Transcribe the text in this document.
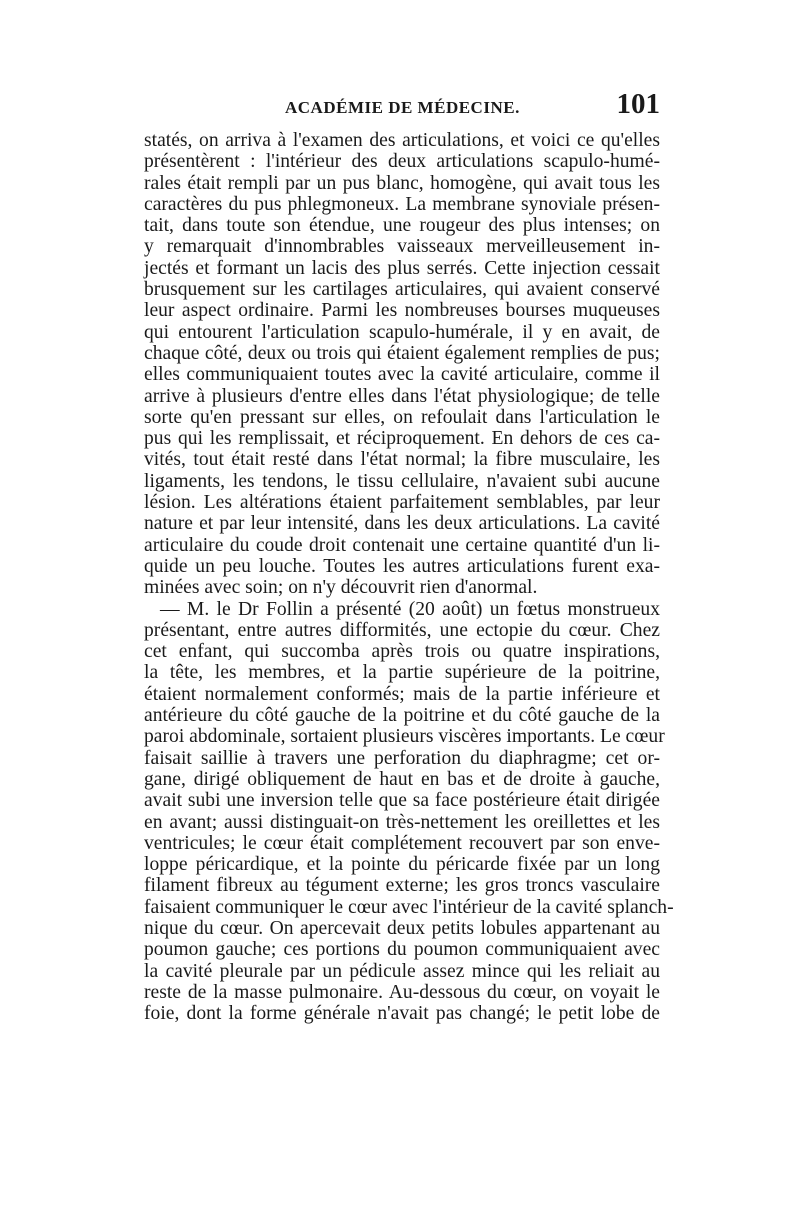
ACADÉMIE DE MÉDECINE.	101
statés, on arriva à l'examen des articulations, et voici ce qu'elles
présentèrent : l'intérieur des deux articulations scapulo-humé-
rales était rempli par un pus blanc, homogène, qui avait tous les
caractères du pus phlegmoneux. La membrane synoviale présen-
tait, dans toute son étendue, une rougeur des plus intenses; on
y remarquait d'innombrables vaisseaux merveilleusement in-
jectés et formant un lacis des plus serrés. Cette injection cessait
brusquement sur les cartilages articulaires, qui avaient conservé
leur aspect ordinaire. Parmi les nombreuses bourses muqueuses
qui entourent l'articulation scapulo-humérale, il y en avait, de
chaque côté, deux ou trois qui étaient également remplies de pus;
elles communiquaient toutes avec la cavité articulaire, comme il
arrive à plusieurs d'entre elles dans l'état physiologique; de telle
sorte qu'en pressant sur elles, on refoulait dans l'articulation le
pus qui les remplissait, et réciproquement. En dehors de ces ca-
vités, tout était resté dans l'état normal; la fibre musculaire, les
ligaments, les tendons, le tissu cellulaire, n'avaient subi aucune
lésion. Les altérations étaient parfaitement semblables, par leur
nature et par leur intensité, dans les deux articulations. La cavité
articulaire du coude droit contenait une certaine quantité d'un li-
quide un peu louche. Toutes les autres articulations furent exa-
minées avec soin; on n'y découvrit rien d'anormal.
— M. le Dr Follin a présenté (20 août) un fœtus monstrueux
présentant, entre autres difformités, une ectopie du cœur. Chez
cet enfant, qui succomba après trois ou quatre inspirations,
la tête, les membres, et la partie supérieure de la poitrine,
étaient normalement conformés; mais de la partie inférieure et
antérieure du côté gauche de la poitrine et du côté gauche de la
paroi abdominale, sortaient plusieurs viscères importants. Le cœur
faisait saillie à travers une perforation du diaphragme; cet or-
gane, dirigé obliquement de haut en bas et de droite à gauche,
avait subi une inversion telle que sa face postérieure était dirigée
en avant; aussi distinguait-on très-nettement les oreillettes et les
ventricules; le cœur était complétement recouvert par son enve-
loppe péricardique, et la pointe du péricarde fixée par un long
filament fibreux au tégument externe; les gros troncs vasculaire
faisaient communiquer le cœur avec l'intérieur de la cavité splanch-
nique du cœur. On apercevait deux petits lobules appartenant au
poumon gauche; ces portions du poumon communiquaient avec
la cavité pleurale par un pédicule assez mince qui les reliait au
reste de la masse pulmonaire. Au-dessous du cœur, on voyait le
foie, dont la forme générale n'avait pas changé; le petit lobe de
